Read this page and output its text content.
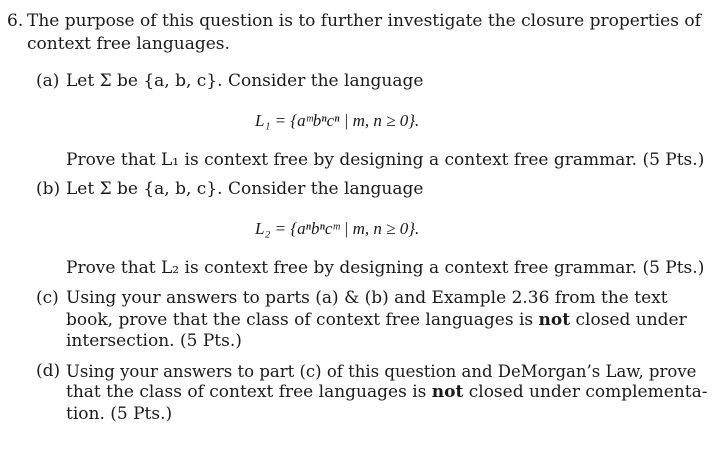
6. The purpose of this question is to further investigate the closure properties of
context free languages.
(a) Let Σ be {a, b, c}. Consider the language
L₁ = {aᵐbⁿcⁿ | m, n ≥ 0}.
Prove that L₁ is context free by designing a context free grammar. (5 Pts.)
(b) Let Σ be {a, b, c}. Consider the language
L₂ = {aⁿbⁿcᵐ | m, n ≥ 0}.
Prove that L₂ is context free by designing a context free grammar. (5 Pts.)
(c) Using your answers to parts (a) & (b) and Example 2.36 from the text
book, prove that the class of context free languages is not closed under
intersection. (5 Pts.)
(d) Using your answers to part (c) of this question and DeMorgan’s Law, prove
that the class of context free languages is not closed under complementa-
tion. (5 Pts.)
